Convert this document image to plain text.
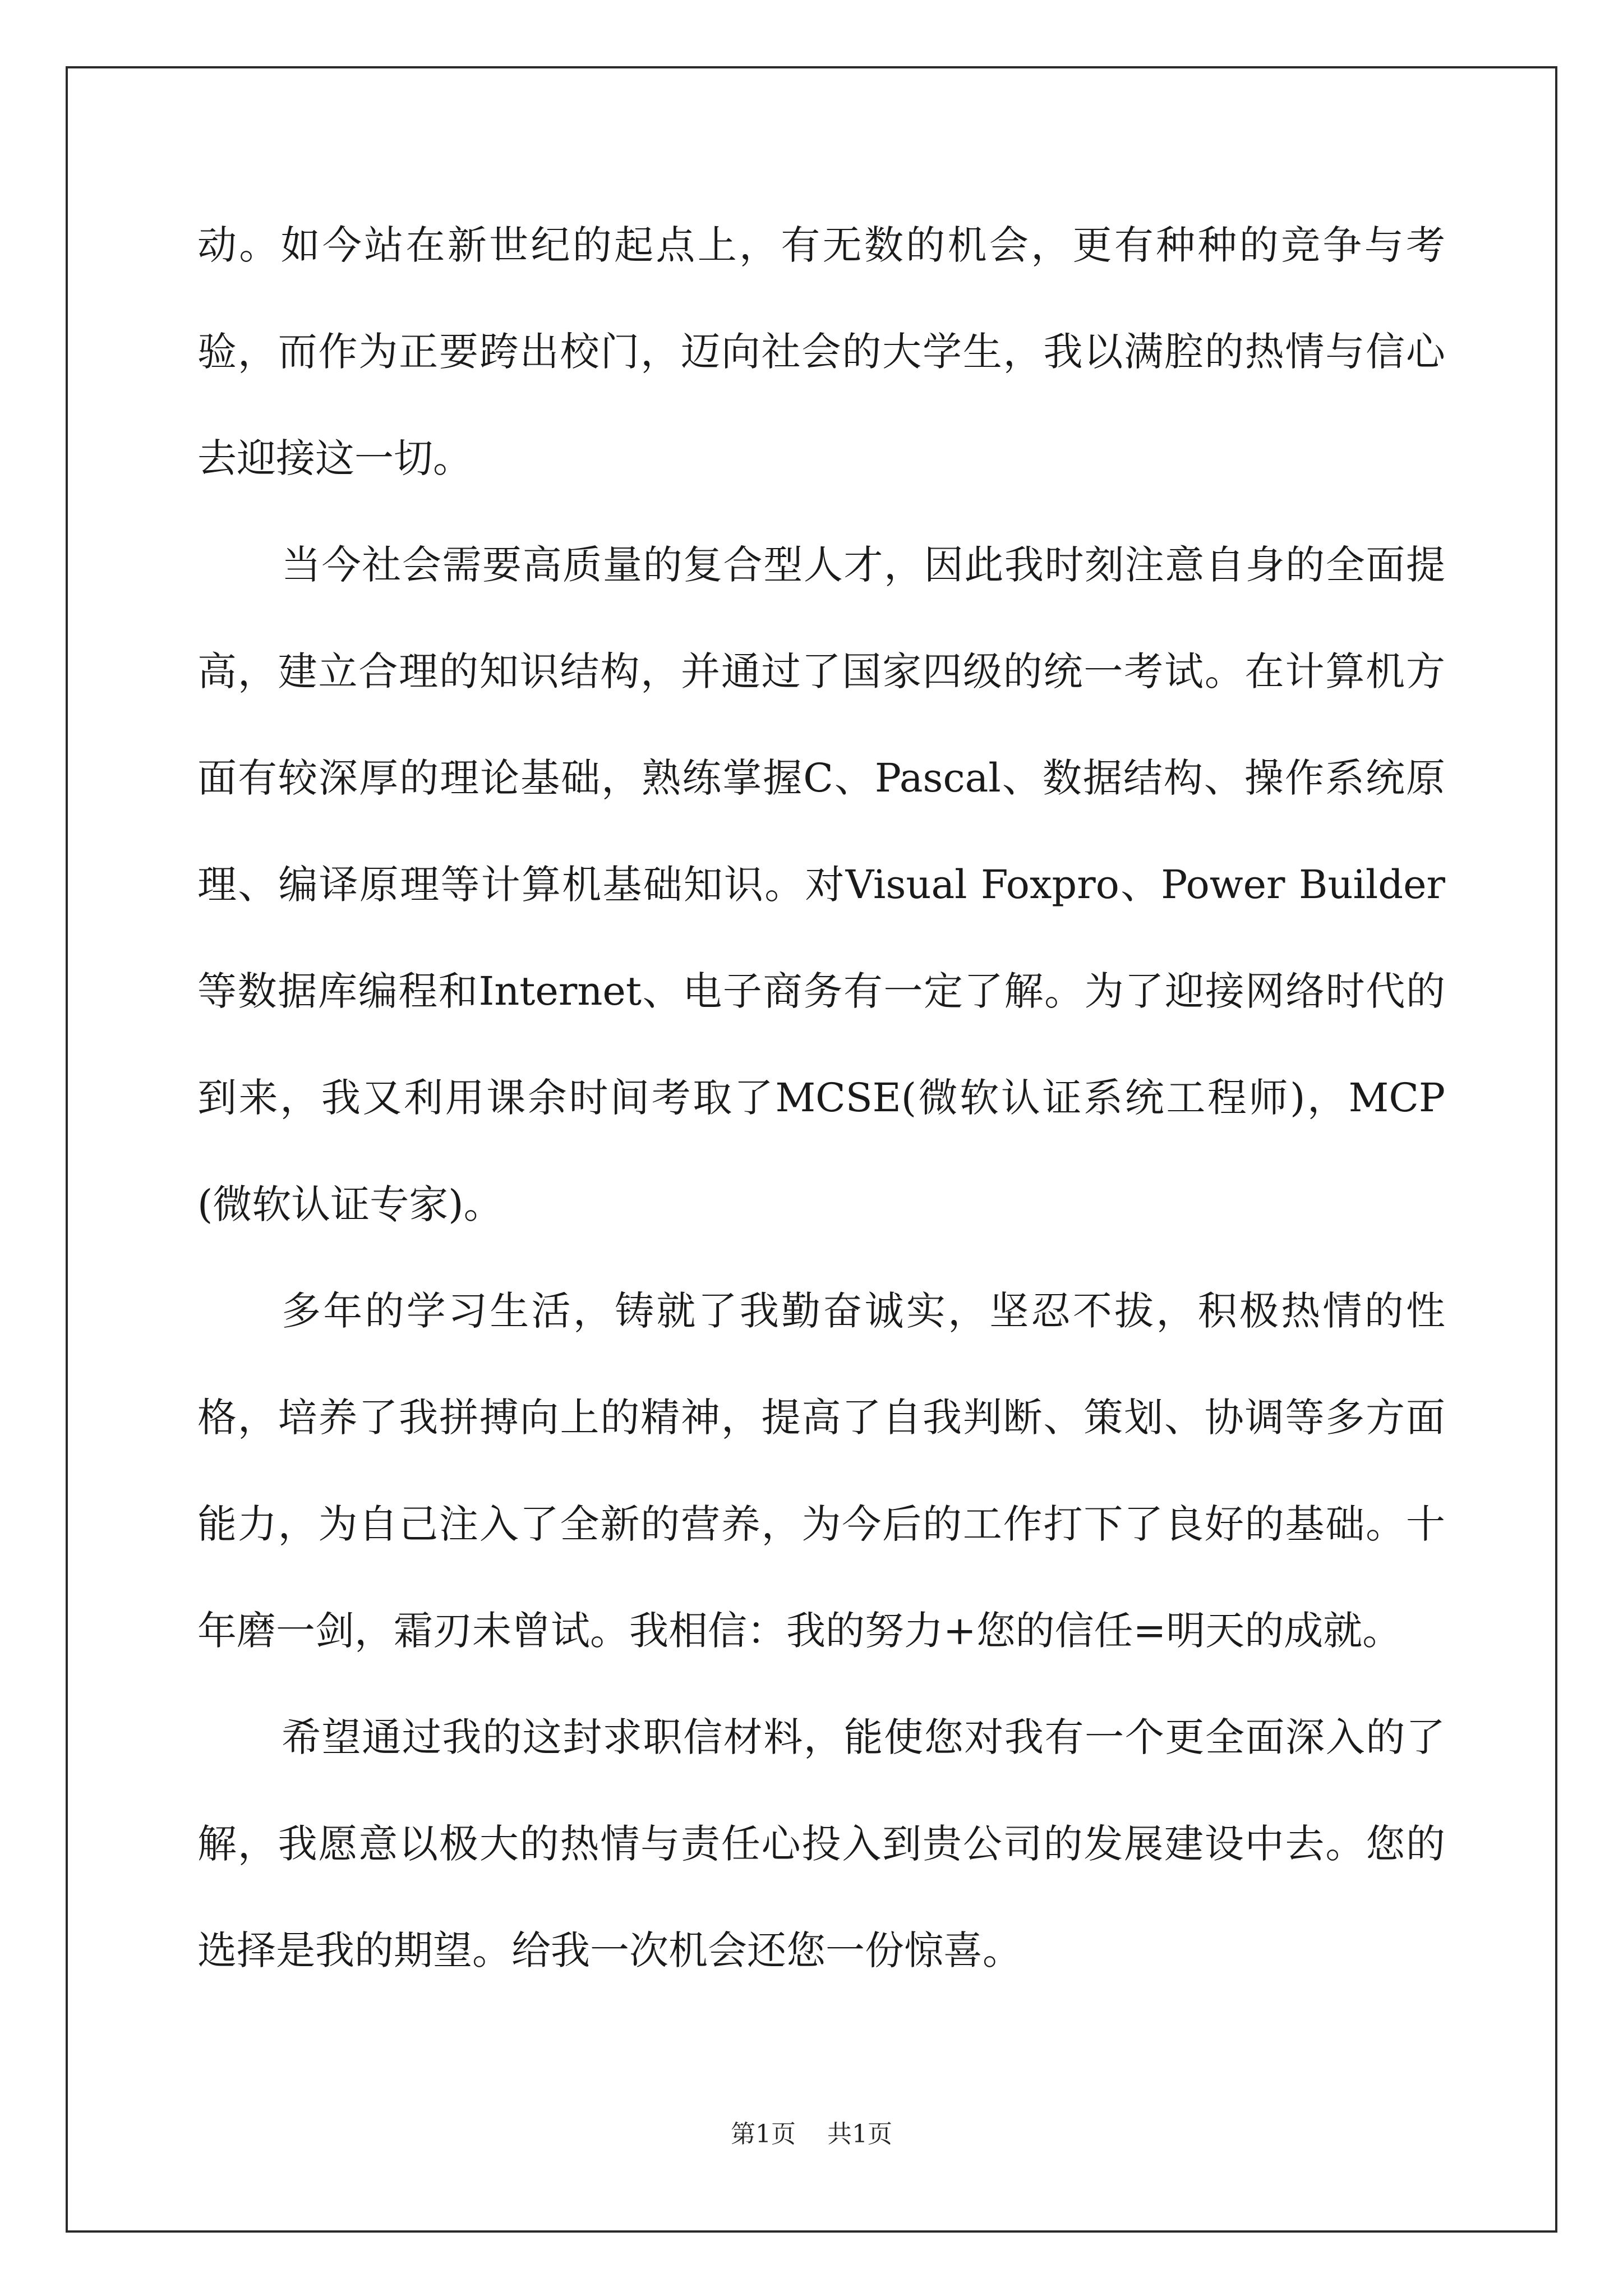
动。如今站在新世纪的起点上，有无数的机会，更有种种的竞争与考验，而作为正要跨出校门，迈向社会的大学生，我以满腔的热情与信心去迎接这一切。

当今社会需要高质量的复合型人才，因此我时刻注意自身的全面提高，建立合理的知识结构，并通过了国家四级的统一考试。在计算机方面有较深厚的理论基础，熟练掌握C、Pascal、数据结构、操作系统原理、编译原理等计算机基础知识。对Visual Foxpro、Power Builder等数据库编程和Internet、电子商务有一定了解。为了迎接网络时代的到来，我又利用课余时间考取了MCSE(微软认证系统工程师)，MCP(微软认证专家)。

多年的学习生活，铸就了我勤奋诚实，坚忍不拔，积极热情的性格，培养了我拼搏向上的精神，提高了自我判断、策划、协调等多方面能力，为自己注入了全新的营养，为今后的工作打下了良好的基础。十年磨一剑，霜刃未曾试。我相信：我的努力+您的信任=明天的成就。

希望通过我的这封求职信材料，能使您对我有一个更全面深入的了解，我愿意以极大的热情与责任心投入到贵公司的发展建设中去。您的选择是我的期望。给我一次机会还您一份惊喜。

第1页 共1页
